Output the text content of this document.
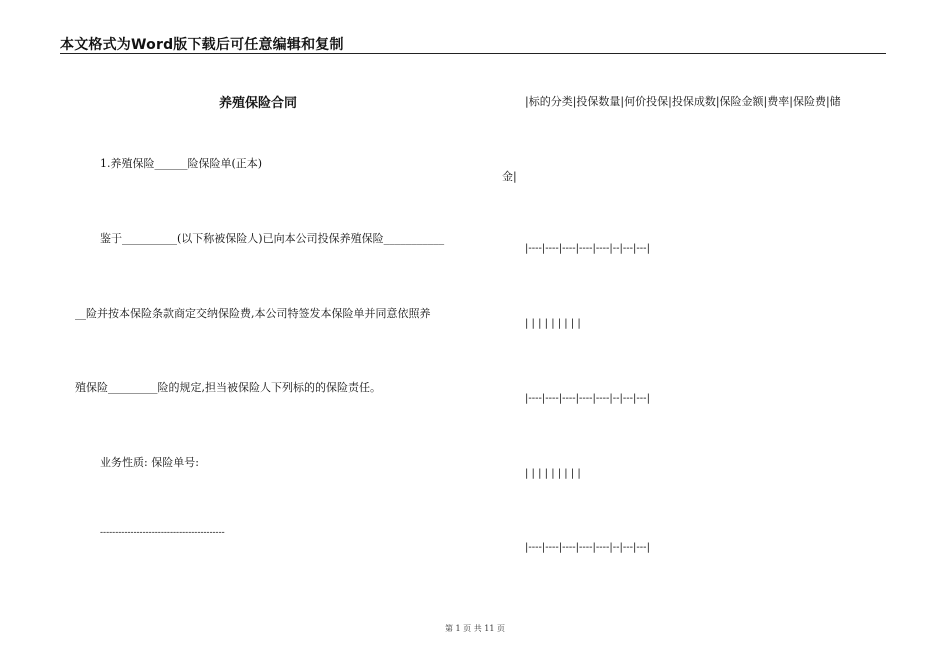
本文格式为Word版下载后可任意编辑和复制
养殖保险合同
1.养殖保险______险保险单(正本)
鉴于__________(以下称被保险人)已向本公司投保养殖保险___________
__险并按本保险条款商定交纳保险费,本公司特签发本保险单并同意依照养
殖保险_________险的规定,担当被保险人下列标的的保险责任。
业务性质: 保险单号:
-----------------------------------------
|标的分类|投保数量|何价投保|投保成数|保险金额|费率|保险费|储
金|
|----|----|----|----|----|--|---|---|
| | | | | | | | |
|----|----|----|----|----|--|---|---|
| | | | | | | | |
|----|----|----|----|----|--|---|---|
第 1 页 共 11 页
